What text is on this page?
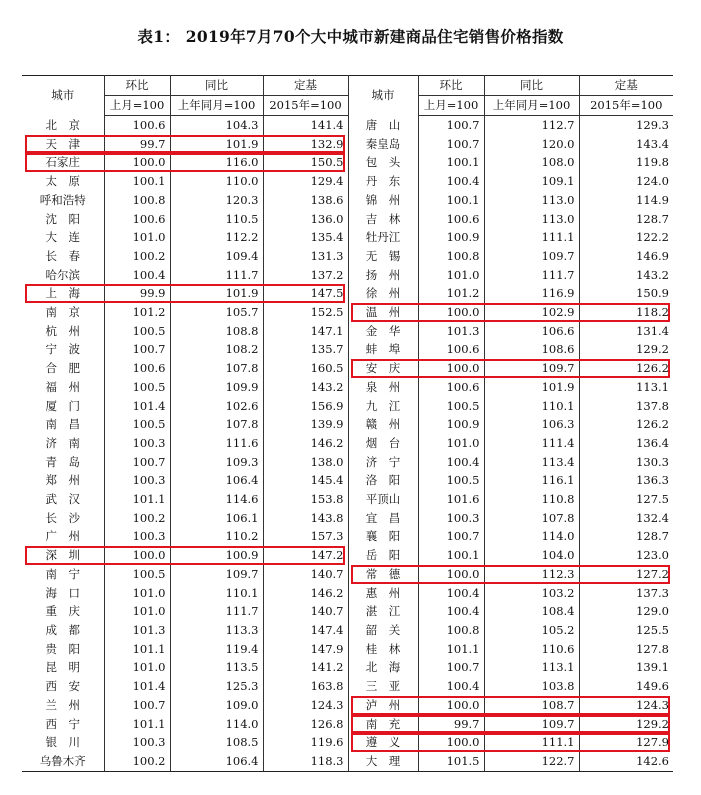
表1： 2019年7月70个大中城市新建商品住宅销售价格指数
城市	环比	同比	定基	城市	环比	同比	定基
	上月=100	上年同月=100	2015年=100		上月=100	上年同月=100	2015年=100
北　京	100.6	104.3	141.4	唐　山	100.7	112.7	129.3
天　津	99.7	101.9	132.9	秦皇岛	100.7	120.0	143.4
石家庄	100.0	116.0	150.5	包　头	100.1	108.0	119.8
太　原	100.1	110.0	129.4	丹　东	100.4	109.1	124.0
呼和浩特	100.8	120.3	138.6	锦　州	100.1	113.0	114.9
沈　阳	100.6	110.5	136.0	吉　林	100.6	113.0	128.7
大　连	101.0	112.2	135.4	牡丹江	100.9	111.1	122.2
长　春	100.2	109.4	131.3	无　锡	100.8	109.7	146.9
哈尔滨	100.4	111.7	137.2	扬　州	101.0	111.7	143.2
上　海	99.9	101.9	147.5	徐　州	101.2	116.9	150.9
南　京	101.2	105.7	152.5	温　州	100.0	102.9	118.2
杭　州	100.5	108.8	147.1	金　华	101.3	106.6	131.4
宁　波	100.7	108.2	135.7	蚌　埠	100.6	108.6	129.2
合　肥	100.6	107.8	160.5	安　庆	100.0	109.7	126.2
福　州	100.5	109.9	143.2	泉　州	100.6	101.9	113.1
厦　门	101.4	102.6	156.9	九　江	100.5	110.1	137.8
南　昌	100.5	107.8	139.9	赣　州	100.9	106.3	126.2
济　南	100.3	111.6	146.2	烟　台	101.0	111.4	136.4
青　岛	100.7	109.3	138.0	济　宁	100.4	113.4	130.3
郑　州	100.3	106.4	145.4	洛　阳	100.5	116.1	136.3
武　汉	101.1	114.6	153.8	平顶山	101.6	110.8	127.5
长　沙	100.2	106.1	143.8	宜　昌	100.3	107.8	132.4
广　州	100.3	110.2	157.3	襄　阳	100.7	114.0	128.7
深　圳	100.0	100.9	147.2	岳　阳	100.1	104.0	123.0
南　宁	100.5	109.7	140.7	常　德	100.0	112.3	127.2
海　口	101.0	110.1	146.2	惠　州	100.4	103.2	137.3
重　庆	101.0	111.7	140.7	湛　江	100.4	108.4	129.0
成　都	101.3	113.3	147.4	韶　关	100.8	105.2	125.5
贵　阳	101.1	119.4	147.9	桂　林	101.1	110.6	127.8
昆　明	101.0	113.5	141.2	北　海	100.7	113.1	139.1
西　安	101.4	125.3	163.8	三　亚	100.4	103.8	149.6
兰　州	100.7	109.0	124.3	泸　州	100.0	108.7	124.3
西　宁	101.1	114.0	126.8	南　充	99.7	109.7	129.2
银　川	100.3	108.5	119.6	遵　义	100.0	111.1	127.9
乌鲁木齐	100.2	106.4	118.3	大　理	101.5	122.7	142.6
